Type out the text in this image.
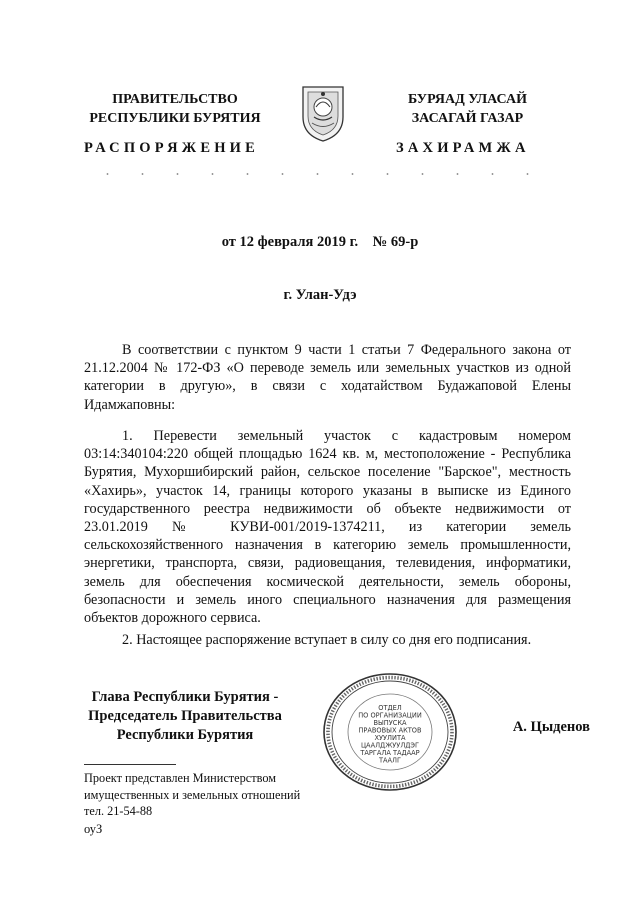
ПРАВИТЕЛЬСТВО
РЕСПУБЛИКИ БУРЯТИЯ
БУРЯАД УЛАСАЙ
ЗАСАГАЙ ГАЗАР
РАСПОРЯЖЕНИЕ	ЗАХИРАМЖА
от 12 февраля 2019 г.    № 69-р
г. Улан-Удэ

В соответствии с пунктом 9 части 1 статьи 7 Федерального закона от 21.12.2004 № 172-ФЗ «О переводе земель или земельных участков из одной категории в другую», в связи с ходатайством Будажаповой Елены Идамжаповны:

1. Перевести земельный участок с кадастровым номером 03:14:340104:220 общей площадью 1624 кв. м, местоположение - Республика Бурятия, Мухоршибирский район, сельское поселение "Барское", местность «Хахирь», участок 14, границы которого указаны в выписке из Единого государственного реестра недвижимости об объекте недвижимости от 23.01.2019 № КУВИ-001/2019-1374211, из категории земель сельскохозяйственного назначения в категорию земель промышленности, энергетики, транспорта, связи, радиовещания, телевидения, информатики, земель для обеспечения космической деятельности, земель обороны, безопасности и земель иного специального назначения для размещения объектов дорожного сервиса.

2. Настоящее распоряжение вступает в силу со дня его подписания.

Глава Республики Бурятия -
Председатель Правительства
Республики Бурятия	А. Цыденов
ОТДЕЛ
ПО ОРГАНИЗАЦИИ
ВЫПУСКА
ПРАВОВЫХ АКТОВ
ХУУЛИТА
ЦААЛДЖУУЛДЭГ
ТАРГАЛА ТАДААР
ТААЛГ
Проект представлен Министерством
имущественных и земельных отношений
тел. 21-54-88
оуЗ
